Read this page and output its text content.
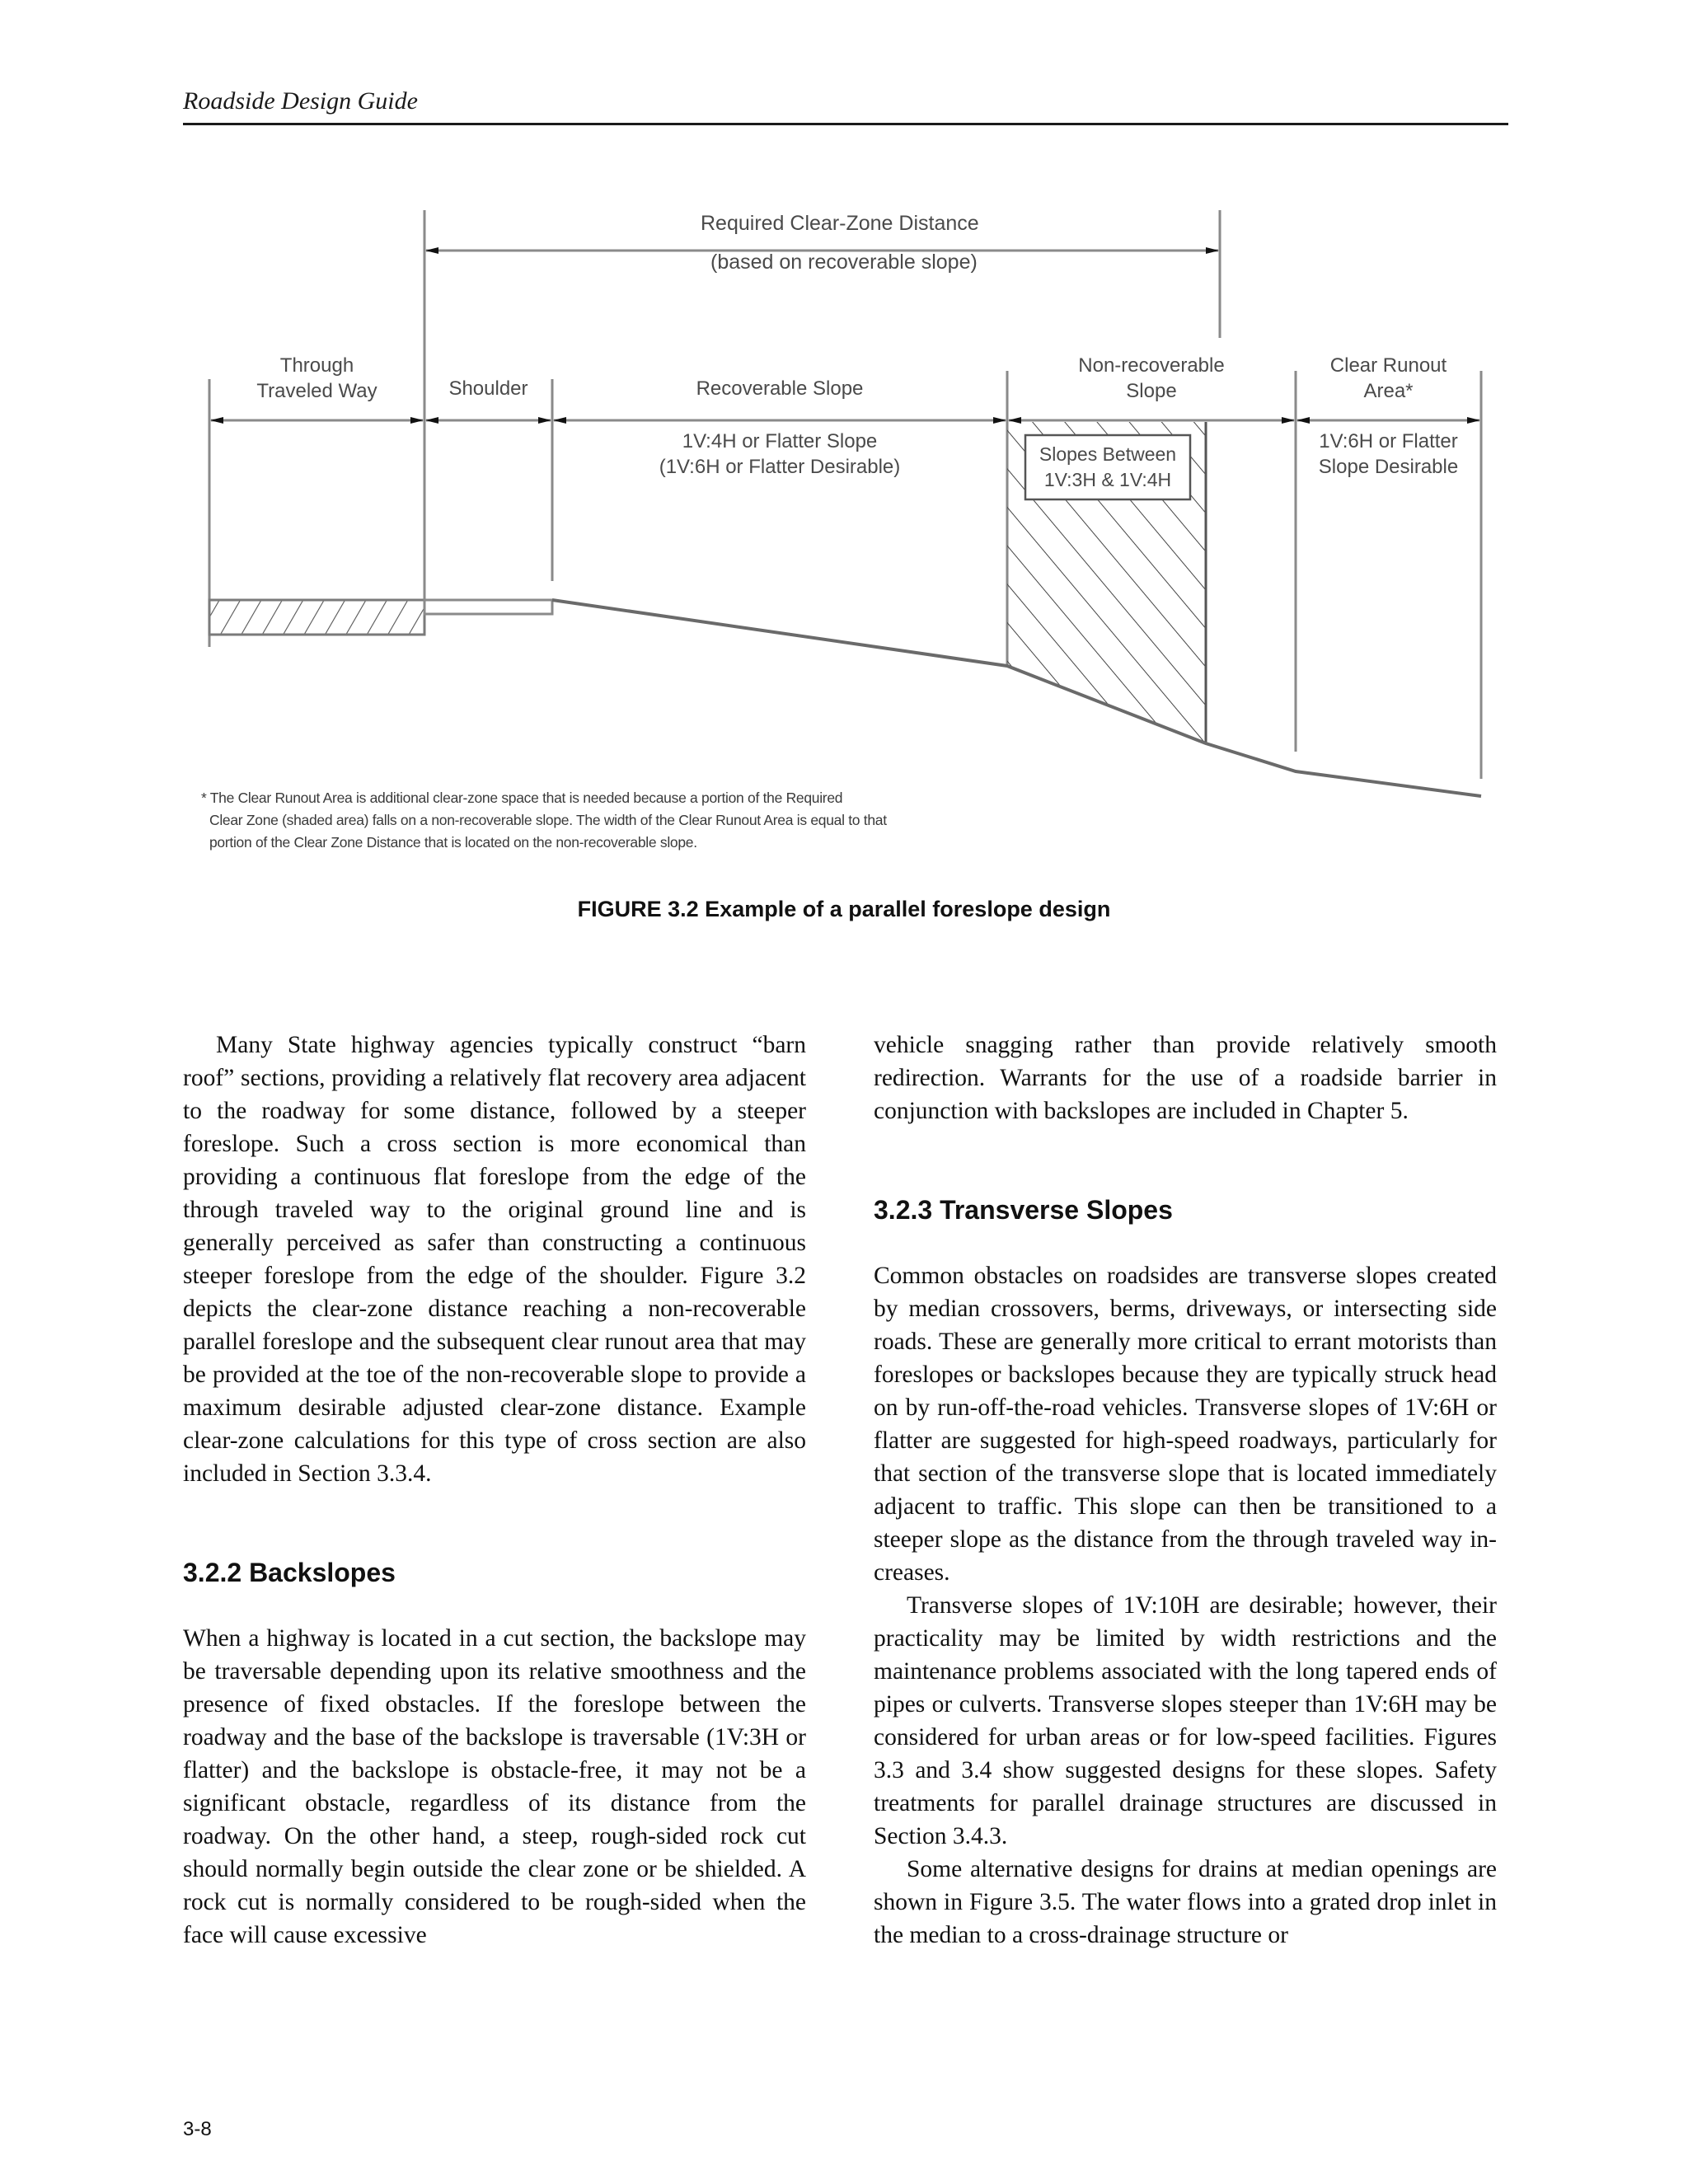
Roadside Design Guide
Required Clear-Zone Distance
(based on recoverable slope)
Through
Traveled Way	Shoulder	Recoverable Slope
1V:4H or Flatter Slope
(1V:6H or Flatter Desirable)
Non-recoverable
Slope
Slopes Between
1V:3H & 1V:4H
Clear Runout
Area*
1V:6H or Flatter
Slope Desirable
* The Clear Runout Area is additional clear-zone space that is needed because a portion of the Required
Clear Zone (shaded area) falls on a non-recoverable slope. The width of the Clear Runout Area is equal to that
portion of the Clear Zone Distance that is located on the non-recoverable slope.
FIGURE 3.2 Example of a parallel foreslope design

Many State highway agencies typically construct “barn roof” sections, providing a relatively flat recovery area adjacent to the roadway for some distance, followed by a steeper foreslope. Such a cross section is more economical than providing a continuous flat foreslope from the edge of the through traveled way to the original ground line and is generally perceived as safer than constructing a continuous steeper foreslope from the edge of the shoulder. Figure 3.2 depicts the clear-zone distance reaching a non-recoverable parallel foreslope and the subsequent clear runout area that may be provided at the toe of the non-recoverable slope to provide a maximum desirable adjusted clear-zone distance. Example clear-zone calculations for this type of cross section are also included in Section 3.3.4.

3.2.2 Backslopes

When a highway is located in a cut section, the backslope may be traversable depending upon its relative smoothness and the presence of fixed obstacles. If the foreslope between the roadway and the base of the backslope is traversable (1V:3H or flatter) and the backslope is obstacle-free, it may not be a significant obstacle, regardless of its distance from the roadway. On the other hand, a steep, rough-sided rock cut should normally begin outside the clear zone or be shielded. A rock cut is normally considered to be rough-sided when the face will cause excessive

vehicle snagging rather than provide relatively smooth redirection. Warrants for the use of a roadside barrier in conjunction with backslopes are included in Chapter 5.

3.2.3 Transverse Slopes

Common obstacles on roadsides are transverse slopes created by median crossovers, berms, driveways, or intersecting side roads. These are generally more critical to errant motorists than foreslopes or backslopes because they are typically struck head on by run-off-the-road vehicles. Transverse slopes of 1V:6H or flatter are suggested for high-speed roadways, particularly for that section of the transverse slope that is located immediately adjacent to traffic. This slope can then be transitioned to a steeper slope as the distance from the through traveled way increases.

Transverse slopes of 1V:10H are desirable; however, their practicality may be limited by width restrictions and the maintenance problems associated with the long tapered ends of pipes or culverts. Transverse slopes steeper than 1V:6H may be considered for urban areas or for low-speed facilities. Figures 3.3 and 3.4 show suggested designs for these slopes. Safety treatments for parallel drainage structures are discussed in Section 3.4.3.

Some alternative designs for drains at median openings are shown in Figure 3.5. The water flows into a grated drop inlet in the median to a cross-drainage structure or

3-8
